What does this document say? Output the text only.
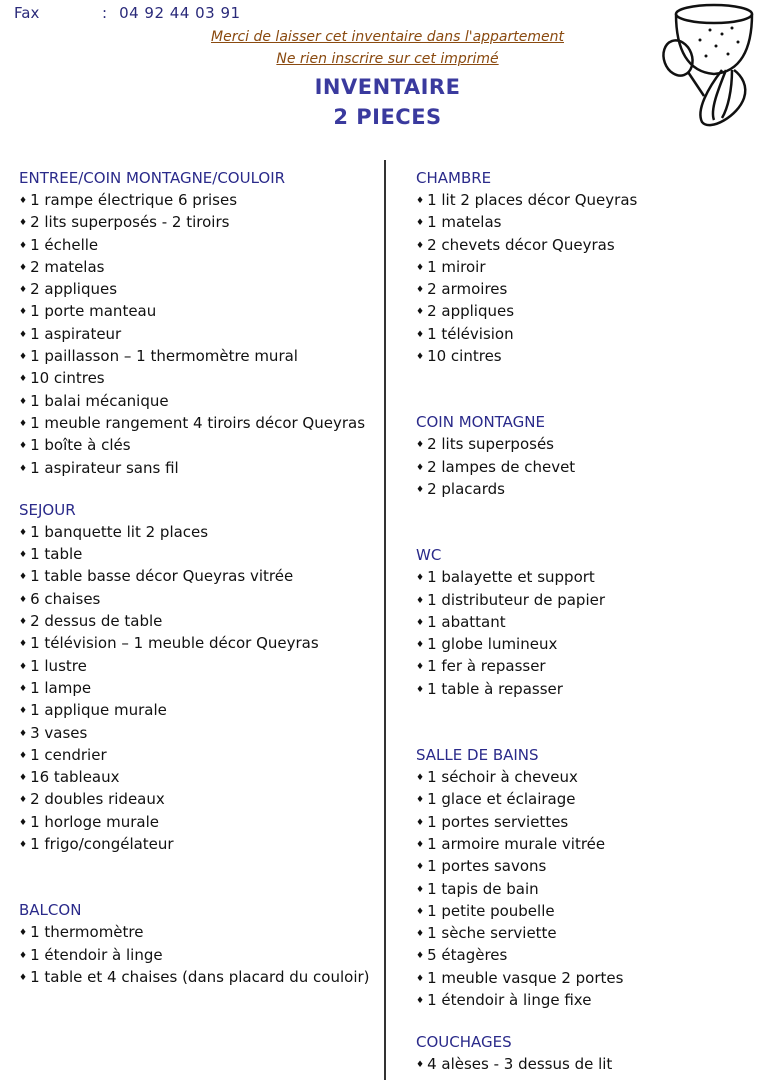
Fax	: 04 92 44 03 91
Merci de laisser cet inventaire dans l'appartement
Ne rien inscrire sur cet imprimé
INVENTAIRE
2 PIECES
ENTREE/COIN MONTAGNE/COULOIR
♦ 1 rampe électrique 6 prises
♦ 2 lits superposés - 2 tiroirs
♦ 1 échelle
♦ 2 matelas
♦ 2 appliques
♦ 1 porte manteau
♦ 1 aspirateur
♦ 1 paillasson – 1 thermomètre mural
♦ 10 cintres
♦ 1 balai mécanique
♦ 1 meuble rangement 4 tiroirs décor Queyras
♦ 1 boîte à clés
♦ 1 aspirateur sans fil
SEJOUR
♦ 1 banquette lit 2 places
♦ 1 table
♦ 1 table basse décor Queyras vitrée
♦ 6 chaises
♦ 2 dessus de table
♦ 1 télévision – 1 meuble décor Queyras
♦ 1 lustre
♦ 1 lampe
♦ 1 applique murale
♦ 3 vases
♦ 1 cendrier
♦ 16 tableaux
♦ 2 doubles rideaux
♦ 1 horloge murale
♦ 1 frigo/congélateur
BALCON
♦ 1 thermomètre
♦ 1 étendoir à linge
♦ 1 table et 4 chaises (dans placard du couloir)
CHAMBRE
♦ 1 lit 2 places décor Queyras
♦ 1 matelas
♦ 2 chevets décor Queyras
♦ 1 miroir
♦ 2 armoires
♦ 2 appliques
♦ 1 télévision
♦ 10 cintres
COIN MONTAGNE
♦ 2 lits superposés
♦ 2 lampes de chevet
♦ 2 placards
WC
♦ 1 balayette et support
♦ 1 distributeur de papier
♦ 1 abattant
♦ 1 globe lumineux
♦ 1 fer à repasser
♦ 1 table à repasser
SALLE DE BAINS
♦ 1 séchoir à cheveux
♦ 1 glace et éclairage
♦ 1 portes serviettes
♦ 1 armoire murale vitrée
♦ 1 portes savons
♦ 1 tapis de bain
♦ 1 petite poubelle
♦ 1 sèche serviette
♦ 5 étagères
♦ 1 meuble vasque 2 portes
♦ 1 étendoir à linge fixe
COUCHAGES
♦ 4 alèses - 3 dessus de lit
